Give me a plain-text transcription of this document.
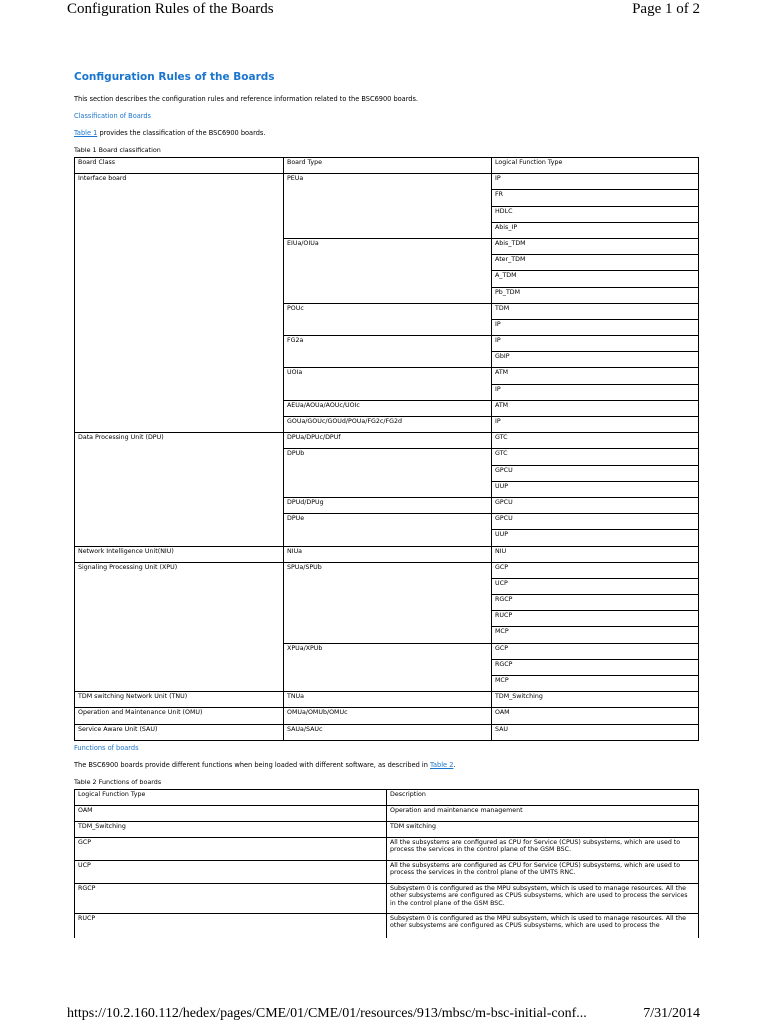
Configuration Rules of the Boards	Page 1 of 2
Configuration Rules of the Boards
This section describes the configuration rules and reference information related to the BSC6900 boards.
Classification of Boards
Table 1 provides the classification of the BSC6900 boards.
Table 1 Board classification
Board Class	Board Type	Logical Function Type
Interface board	PEUa	IP
		FR
		HDLC
		Abis_IP
	EIUa/OIUa	Abis_TDM
		Ater_TDM
		A_TDM
		Pb_TDM
	POUc	TDM
		IP
	FG2a	IP
		GbIP
	UOIa	ATM
		IP
	AEUa/AOUa/AOUc/UOIc	ATM
	GOUa/GOUc/GOUd/POUa/FG2c/FG2d	IP
Data Processing Unit (DPU)	DPUa/DPUc/DPUf	GTC
	DPUb	GTC
		GPCU
		UUP
	DPUd/DPUg	GPCU
	DPUe	GPCU
		UUP
Network Intelligence Unit(NIU)	NIUa	NIU
Signaling Processing Unit (XPU)	SPUa/SPUb	GCP
		UCP
		RGCP
		RUCP
		MCP
	XPUa/XPUb	GCP
		RGCP
		MCP
TDM switching Network Unit (TNU)	TNUa	TDM_Switching
Operation and Maintenance Unit (OMU)	OMUa/OMUb/OMUc	OAM
Service Aware Unit (SAU)	SAUa/SAUc	SAU
Functions of boards
The BSC6900 boards provide different functions when being loaded with different software, as described in Table 2.
Table 2 Functions of boards
Logical Function Type	Description
OAM	Operation and maintenance management
TDM_Switching	TDM switching
GCP	All the subsystems are configured as CPU for Service (CPUS) subsystems, which are used to process the services in the control plane of the GSM BSC.
UCP	All the subsystems are configured as CPU for Service (CPUS) subsystems, which are used to process the services in the control plane of the UMTS RNC.
RGCP	Subsystem 0 is configured as the MPU subsystem, which is used to manage resources. All the other subsystems are configured as CPUS subsystems, which are used to process the services in the control plane of the GSM BSC.
RUCP	Subsystem 0 is configured as the MPU subsystem, which is used to manage resources. All the other subsystems are configured as CPUS subsystems, which are used to process the
https://10.2.160.112/hedex/pages/CME/01/CME/01/resources/913/mbsc/m-bsc-initial-conf...	7/31/2014
